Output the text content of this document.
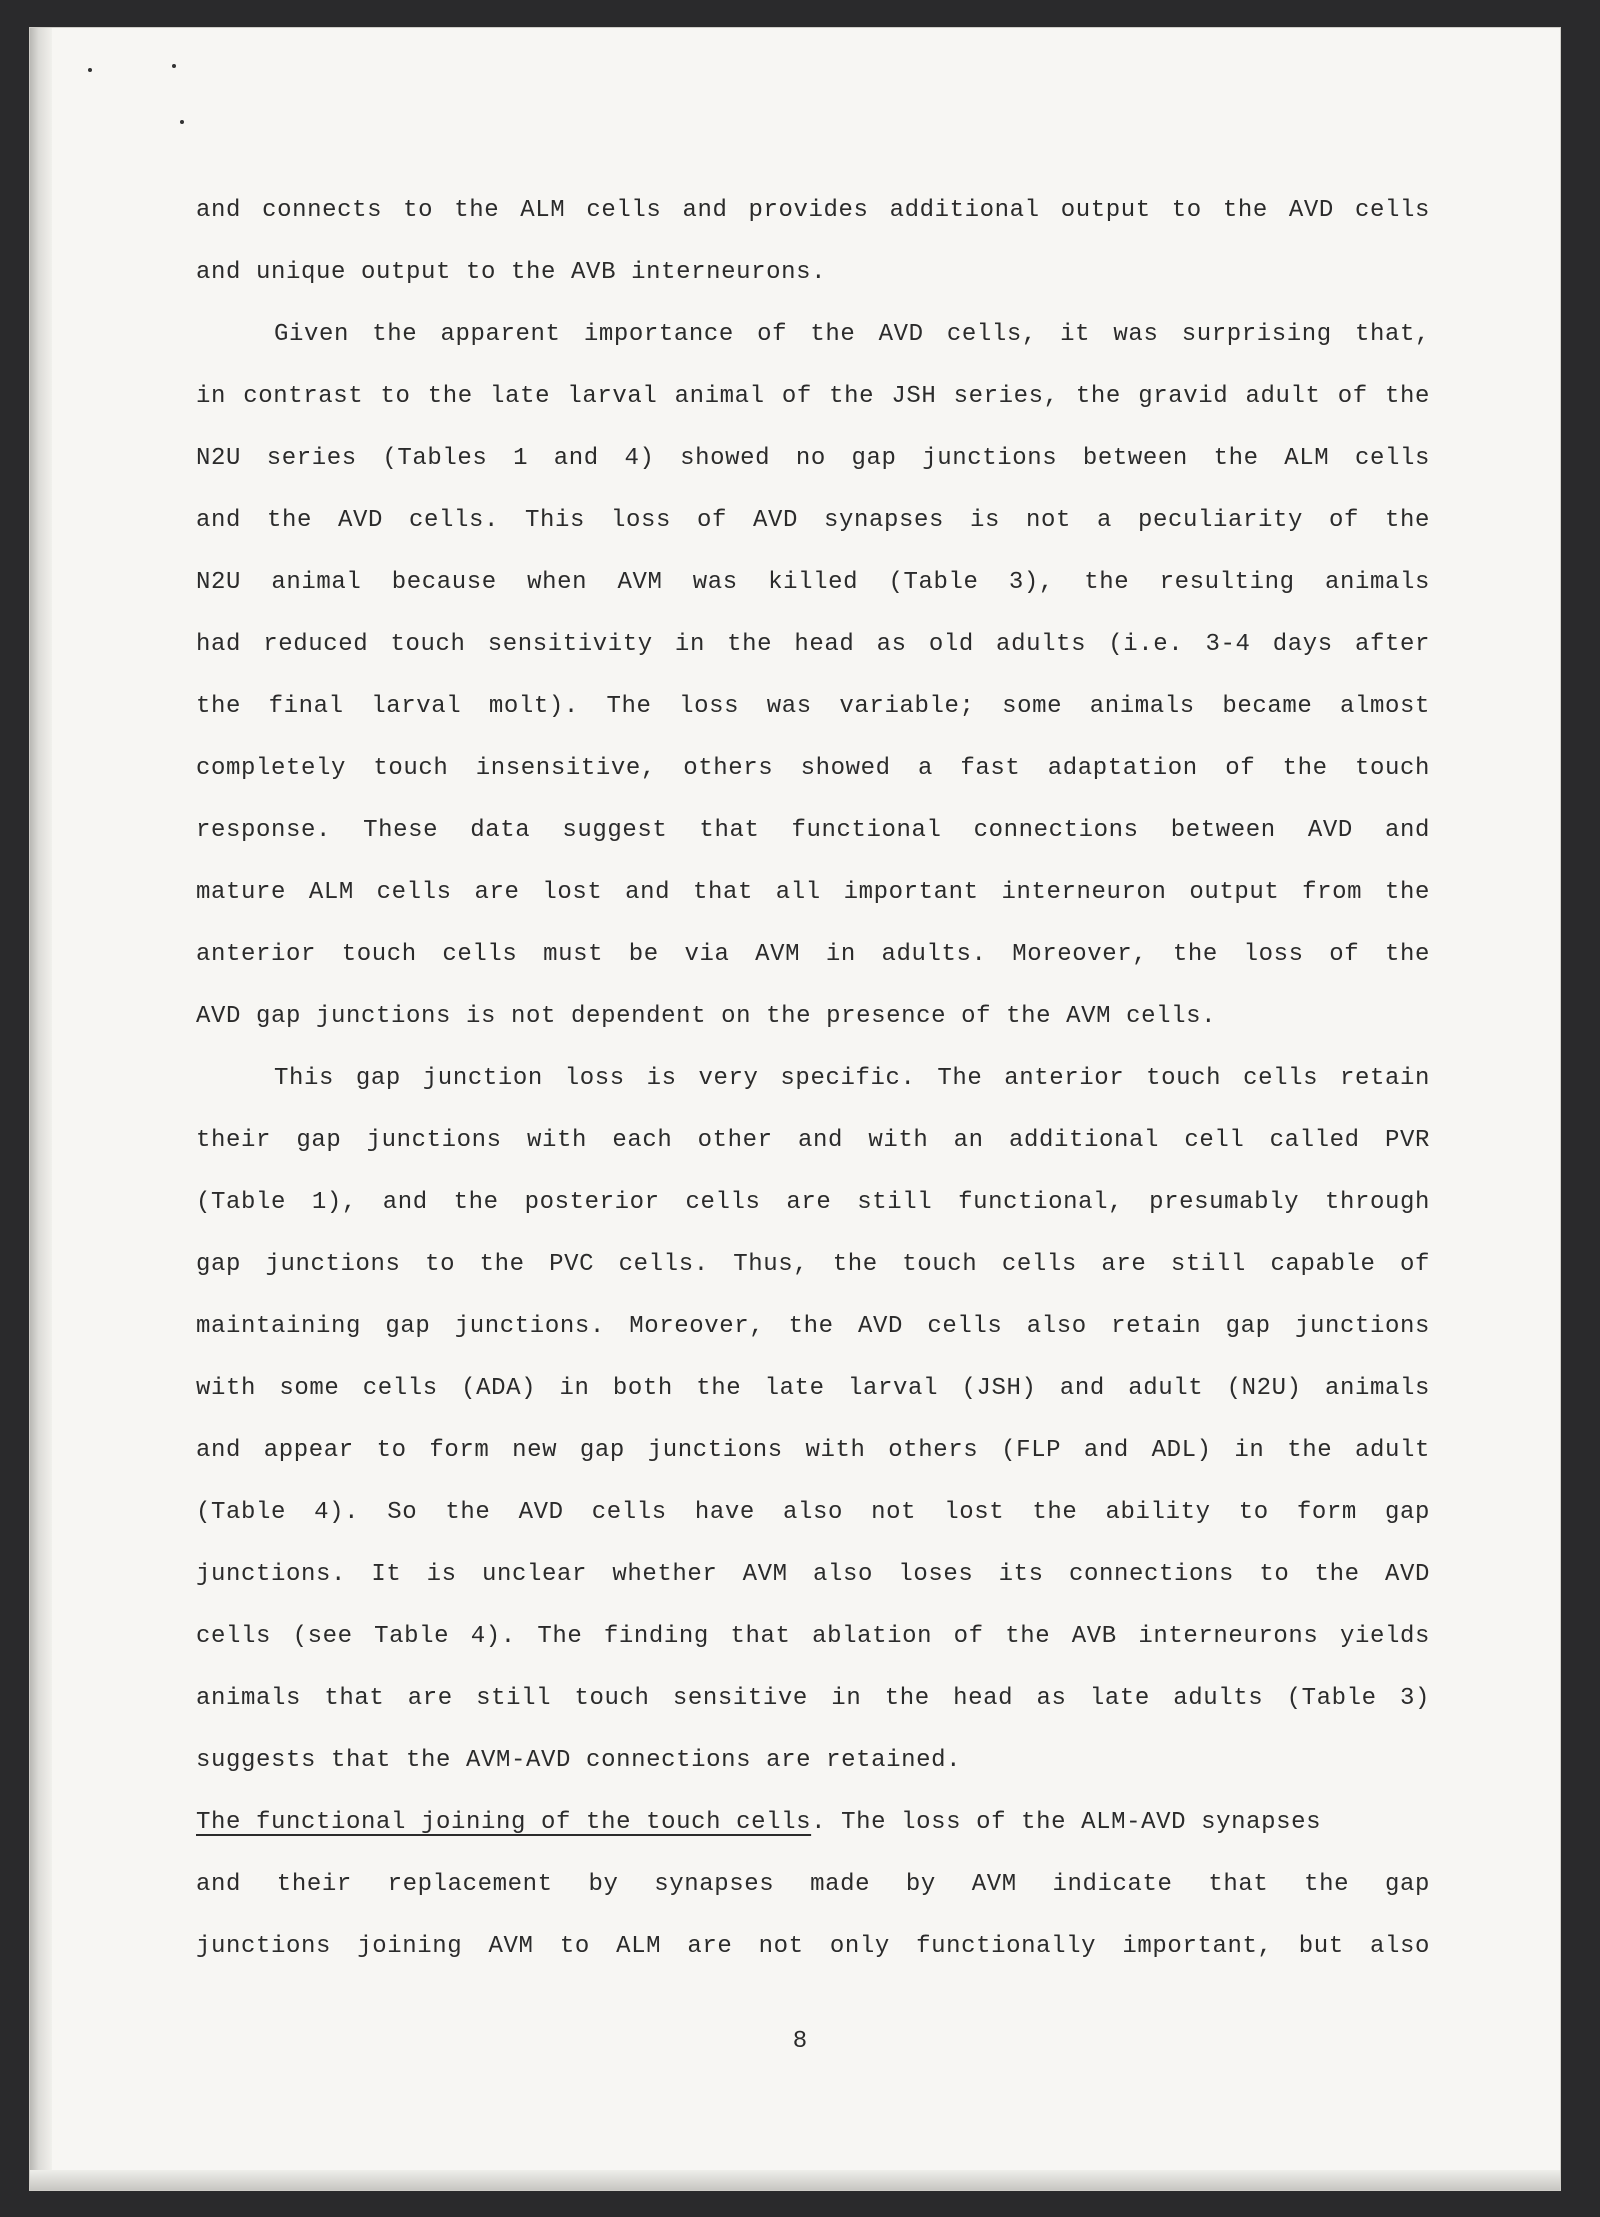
and connects to the ALM cells and provides additional output to the AVD cells
and unique output to the AVB interneurons.
Given the apparent importance of the AVD cells, it was surprising that,
in contrast to the late larval animal of the JSH series, the gravid adult of the
N2U series (Tables 1 and 4) showed no gap junctions between the ALM cells
and the AVD cells. This loss of AVD synapses is not a peculiarity of the
N2U animal because when AVM was killed (Table 3), the resulting animals
had reduced touch sensitivity in the head as old adults (i.e. 3-4 days after
the final larval molt). The loss was variable; some animals became almost
completely touch insensitive, others showed a fast adaptation of the touch
response. These data suggest that functional connections between AVD and
mature ALM cells are lost and that all important interneuron output from the
anterior touch cells must be via AVM in adults. Moreover, the loss of the
AVD gap junctions is not dependent on the presence of the AVM cells.
This gap junction loss is very specific. The anterior touch cells retain
their gap junctions with each other and with an additional cell called PVR
(Table 1), and the posterior cells are still functional, presumably through
gap junctions to the PVC cells. Thus, the touch cells are still capable of
maintaining gap junctions. Moreover, the AVD cells also retain gap junctions
with some cells (ADA) in both the late larval (JSH) and adult (N2U) animals
and appear to form new gap junctions with others (FLP and ADL) in the adult
(Table 4). So the AVD cells have also not lost the ability to form gap
junctions. It is unclear whether AVM also loses its connections to the AVD
cells (see Table 4). The finding that ablation of the AVB interneurons yields
animals that are still touch sensitive in the head as late adults (Table 3)
suggests that the AVM-AVD connections are retained.
The functional joining of the touch cells. The loss of the ALM-AVD synapses
and their replacement by synapses made by AVM indicate that the gap
junctions joining AVM to ALM are not only functionally important, but also
8
